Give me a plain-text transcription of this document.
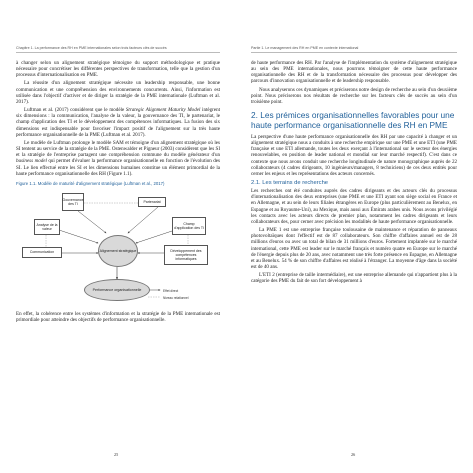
Chapitre 1. La performance des RH en PME internationales selon trois facteurs clés de succès

à changer selon un alignement stratégique témoigne du support méthodologique et pratique nécessaire pour concrétiser les différentes perspectives de transformation, telle que la gestion d'un processus d'internationalisation en PME.

La réussite d'un alignement stratégique nécessite un leadership responsable, une bonne communication et une compréhension des environnements concurrents. Ainsi, l'information est utilisée dans l'objectif d'activer et de diriger la stratégie de la PME internationale (Luftman et al. 2017).

Luftman et al. (2017) considèrent que le modèle Strategic Alignment Maturity Model intègrent six dimensions : la communication, l'analyse de la valeur, la gouvernance des TI, le partenariat, le champ d'application des TI et le développement des compétences informatiques. La fusion des six dimensions est indispensable pour favoriser l'impact positif de l'alignement sur la très haute performance organisationnelle de la PME (Luftman et al. 2017).

Le modèle de Luftman prolonge le modèle SAM et témoigne d'un alignement stratégique où les SI tentent au service de la stratégie de la PME. Ostenwalder et Pigneur (2003) considèrent que les SI et la stratégie de l'entreprise partagent une compréhension commune du modèle générateur d'un business model qui permet d'évaluer la performance organisationnelle en fonction de l'évolution des SI. Le lien effectué entre les SI et les dimensions humaines constitue un élément primordial de la haute performance organisationnelle des RH (Figure 1.1).

Figure 1.1. Modèle de maturité d'alignement stratégique (Luftman et al., 2017)
Gouvernance des TI	Partenariat
Analyse de la valeur
Champ d'application des TI
Communication	Alignement stratégique	Développement des compétences informatiques
Performance organisationnelle	Effet direct
Niveau relationnel

En effet, la cohérence entre les systèmes d'information et la stratégie de la PME internationale est primordiale pour atteindre des objectifs de performance organisationnelle.

25
Partie 1. Le management des RH en PME en contexte international

de haute performance des RH. Par l'analyse de l'implémentation du système d'alignement stratégique au sein des PME internationales, nous pourrons témoigner de cette haute performance organisationnelle des RH et de la transformation nécessaire des processus pour développer des parcours d'innovation organisationnelle et de leadership responsable.

Nous analyserons ces dynamiques et préciserons notre design de recherche au sein d'un deuxième point. Nous préciserons nos résultats de recherche sur les facteurs clés de succès au sein d'un troisième point.

2. Les prémices organisationnelles favorables pour une haute performance organisationnelle des RH en PME

La perspective d'une haute performance organisationnelle des RH par une capacité à changer et un alignement stratégique nous a conduits à une recherche empirique sur une PME et une ETI (une PME française et une ETI allemande, toutes les deux exerçant à l'international sur le secteur des énergies renouvelables, en position de leader national et mondial sur leur marché respectif). C'est dans ce contexte que nous avons conduit une recherche longitudinale de nature monographique auprès de 22 collaborateurs (4 cadres dirigeants, 10 ingénieurs/managers, 8 techniciens) de ces deux entités pour cerner les enjeux et les représentations des acteurs concernés.

2.1. Les terrains de recherche

Les recherches ont été conduites auprès des cadres dirigeants et des acteurs clés du processus d'internationalisation des deux entreprises (une PME et une ETI ayant son siège social en France et en Allemagne, et au sein de leurs filiales étrangères en Europe (plus particulièrement au Benelux, en Espagne et au Royaume-Uni), au Mexique, mais aussi aux Émirats arabes unis. Nous avons privilégié les contacts avec les acteurs directs de premier plan, notamment les cadres dirigeants et leurs collaborateurs des, pour cerner avec précision les modalités de haute performance organisationnelle.

La PME 1 est une entreprise française toulousaine de maintenance et réparation de panneaux photovoltaïques dont l'effectif est de 87 collaborateurs. Son chiffre d'affaires annuel est de 28 millions d'euros ou avec un total de bilan de 31 millions d'euros. Fortement implantée sur le marché international, cette PME est leader sur le marché français et numéro quatre en Europe sur le marché de l'énergie depuis plus de 20 ans, avec notamment une très forte présence en Espagne, en Allemagne et au Benelux. 54 % de son chiffre d'affaires est réalisé à l'étranger. La moyenne d'âge dans la société est de 40 ans.

L'ETI 2 (entreprise de taille intermédiaire), est une entreprise allemande qui n'appartient plus à la catégorie des PME du fait de son fort développement à

26
